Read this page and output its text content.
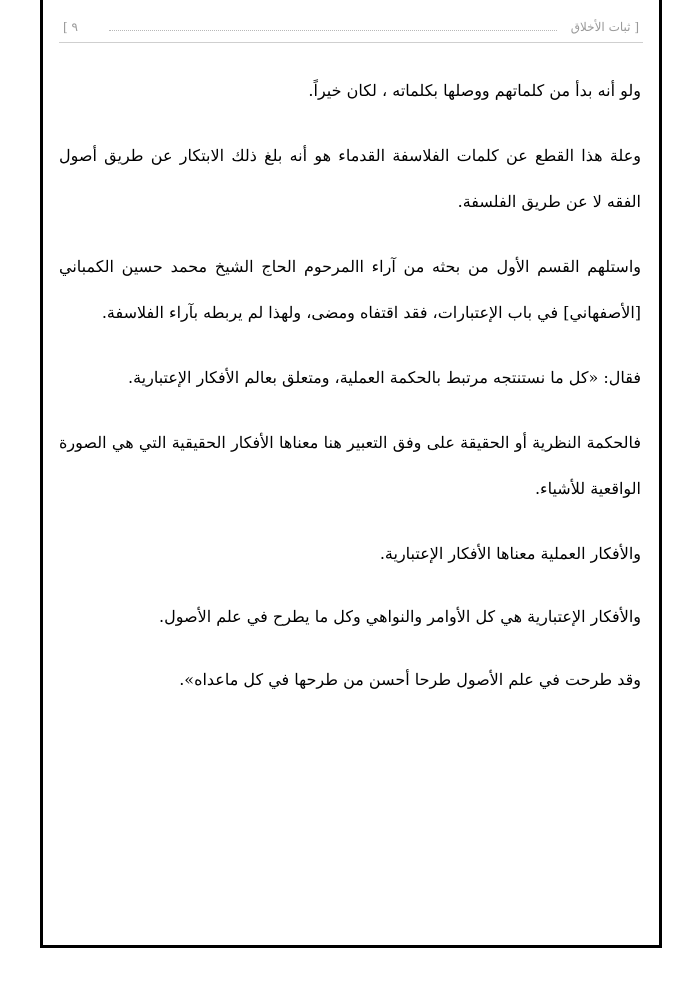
[ ثبات الأخلاق
٩ ]

ولو أنه بدأ من كلماتهم ووصلها بكلماته ، لكان خيراً.

وعلة هذا القطع عن كلمات الفلاسفة القدماء هو أنه بلغ ذلك الابتكار عن طريق أصول الفقه لا عن طريق الفلسفة.

واستلهم القسم الأول من بحثه من آراء االمرحوم الحاج الشيخ محمد حسين الكمباني [الأصفهاني] في باب الإعتبارات، فقد اقتفاه ومضى، ولهذا لم يربطه بآراء الفلاسفة.

فقال: «كل ما نستنتجه مرتبط بالحكمة العملية، ومتعلق بعالم الأفكار الإعتبارية.

فالحكمة النظرية أو الحقيقة على وفق التعبير هنا معناها الأفكار الحقيقية التي هي الصورة الواقعية للأشياء.

والأفكار العملية معناها الأفكار الإعتبارية.

والأفكار الإعتبارية هي كل الأوامر والنواهي وكل ما يطرح في علم الأصول.

وقد طرحت في علم الأصول طرحا أحسن من طرحها في كل ماعداه».
